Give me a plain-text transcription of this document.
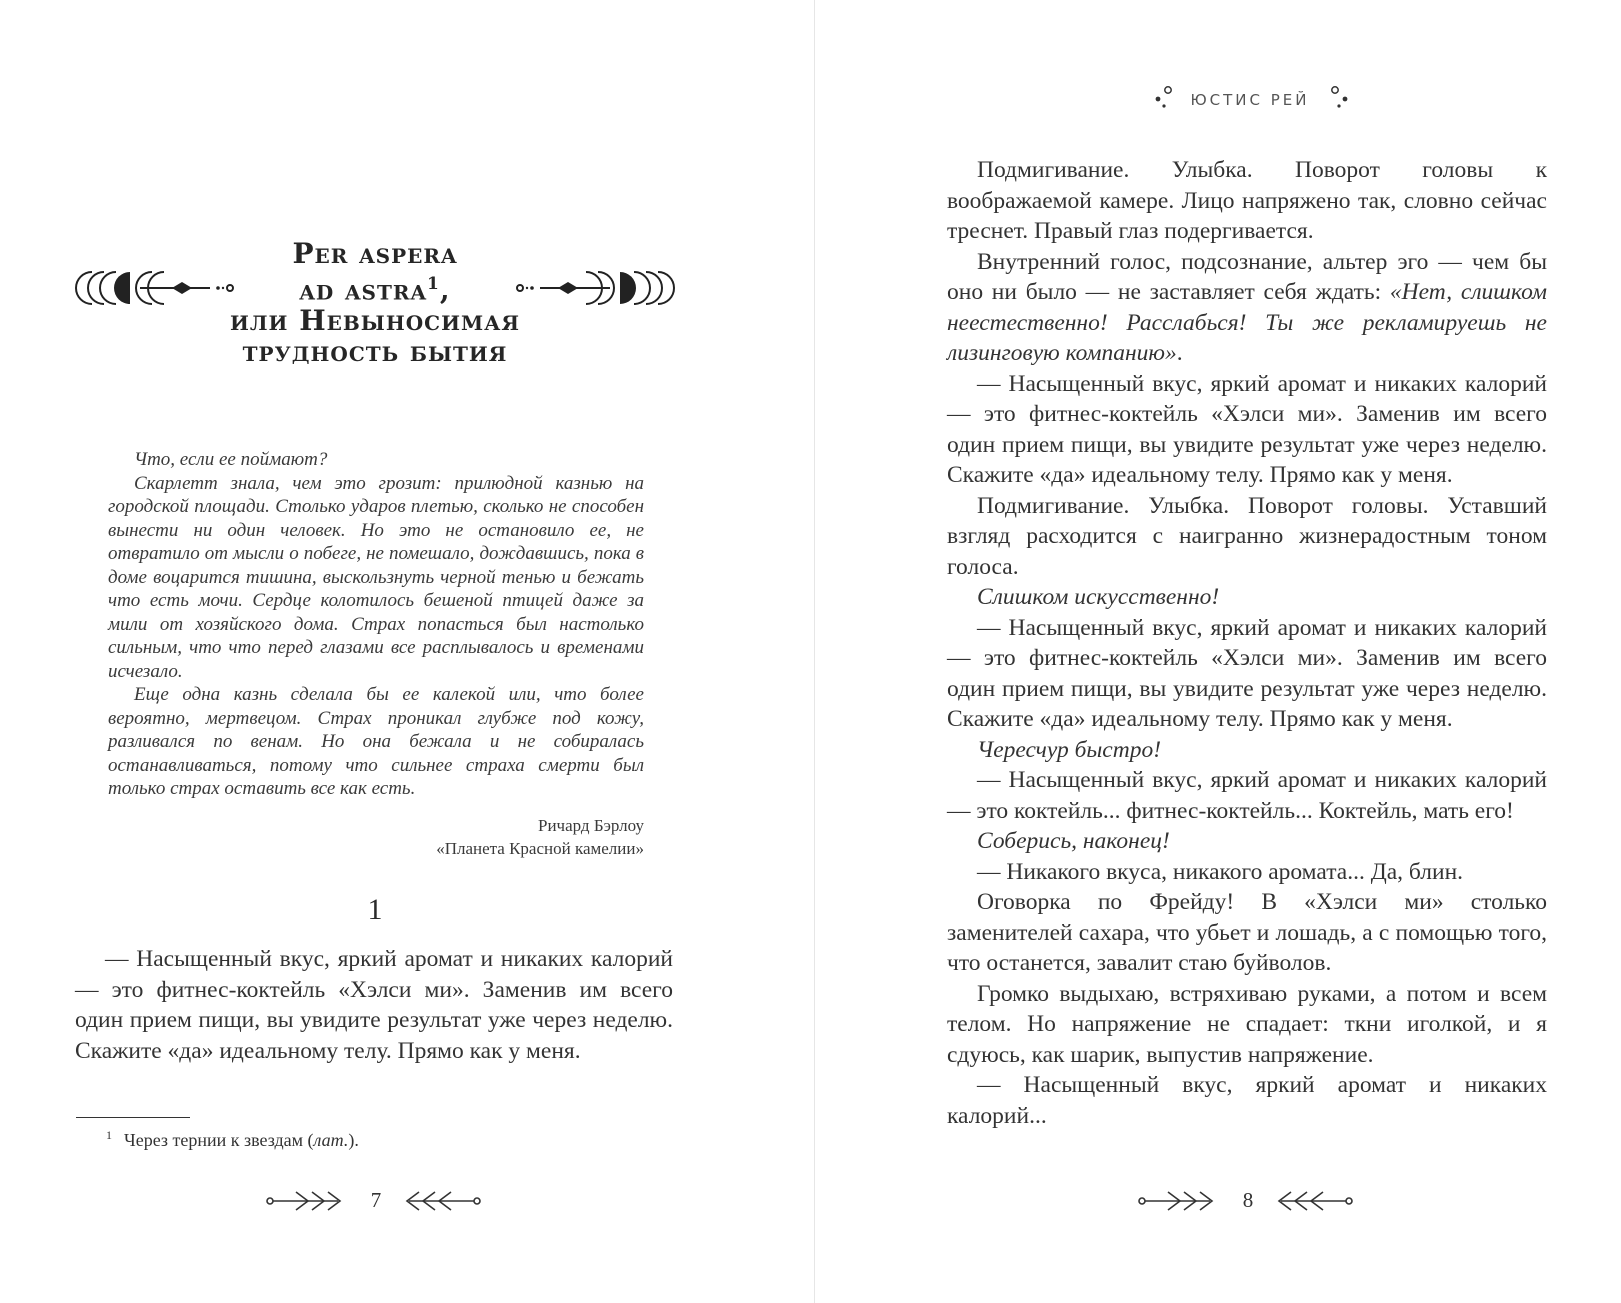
Per aspera
ad astra$^1$,
или Невыносимая
трудность бытия

Что, если ее поймают?

Скарлетт знала, чем это грозит: прилюдной казнью на городской площади. Столько ударов плетью, сколько не способен вынести ни один человек. Но это не остановило ее, не отвратило от мысли о побеге, не помешало, дождавшись, пока в доме воцарится тишина, выскользнуть черной тенью и бежать что есть мочи. Сердце колотилось бешеной птицей даже за мили от хозяйского дома. Страх попасться был настолько сильным, что что перед глазами все расплывалось и временами исчезало.

Еще одна казнь сделала бы ее калекой или, что более вероятно, мертвецом. Страх проникал глубже под кожу, разливался по венам. Но она бежала и не собиралась останавливаться, потому что сильнее страха смерти был только страх оставить все как есть.

Ричард Бэрлоу
«Планета Красной камелии»
1

— Насыщенный вкус, яркий аромат и никаких калорий — это фитнес-коктейль «Хэлси ми». Заменив им всего один прием пищи, вы увидите результат уже через неделю. Скажите «да» идеальному телу. Прямо как у меня.

$^1$ Через тернии к звездам (лат.).
7
ЮСТИС РЕЙ

Подмигивание. Улыбка. Поворот головы к воображаемой камере. Лицо напряжено так, словно сейчас треснет. Правый глаз подергивается.

Внутренний голос, подсознание, альтер эго — чем бы оно ни было — не заставляет себя ждать: «Нет, слишком неестественно! Расслабься! Ты же рекламируешь не лизинговую компанию».

— Насыщенный вкус, яркий аромат и никаких калорий — это фитнес-коктейль «Хэлси ми». Заменив им всего один прием пищи, вы увидите результат уже через неделю. Скажите «да» идеальному телу. Прямо как у меня.

Подмигивание. Улыбка. Поворот головы. Уставший взгляд расходится с наигранно жизнерадостным тоном голоса.

Слишком искусственно!

— Насыщенный вкус, яркий аромат и никаких калорий — это фитнес-коктейль «Хэлси ми». Заменив им всего один прием пищи, вы увидите результат уже через неделю. Скажите «да» идеальному телу. Прямо как у меня.

Чересчур быстро!

— Насыщенный вкус, яркий аромат и никаких калорий — это коктейль... фитнес-коктейль... Коктейль, мать его!

Соберись, наконец!

— Никакого вкуса, никакого аромата... Да, блин.

Оговорка по Фрейду! В «Хэлси ми» столько заменителей сахара, что убьет и лошадь, а с помощью того, что останется, завалит стаю буйволов.

Громко выдыхаю, встряхиваю руками, а потом и всем телом. Но напряжение не спадает: ткни иголкой, и я сдуюсь, как шарик, выпустив напряжение.

— Насыщенный вкус, яркий аромат и никаких калорий...

8
